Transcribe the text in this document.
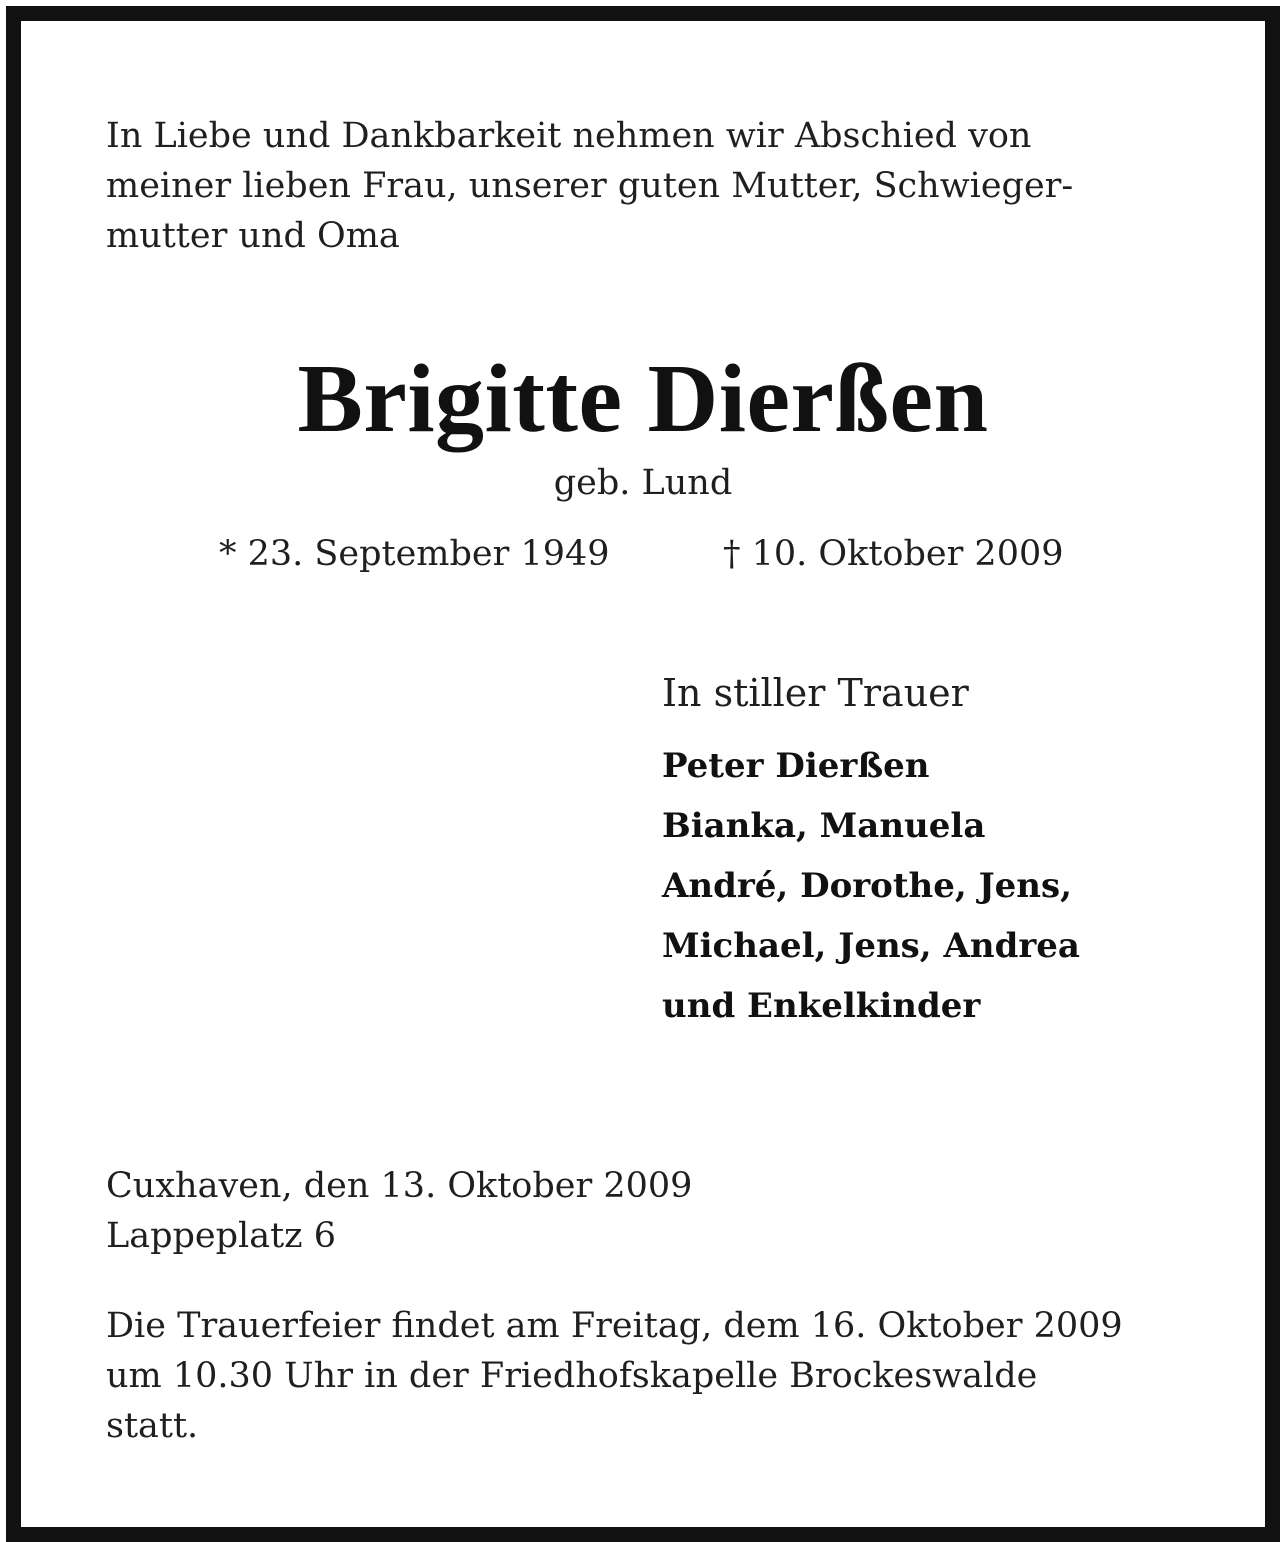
In Liebe und Dankbarkeit nehmen wir Abschied von
meiner lieben Frau, unserer guten Mutter, Schwieger-
mutter und Oma

Brigitte Dierßen
geb. Lund
* 23. September 1949	† 10. Oktober 2009
In stiller Trauer
Peter Dierßen
Bianka, Manuela
André, Dorothe, Jens,
Michael, Jens, Andrea
und Enkelkinder

Cuxhaven, den 13. Oktober 2009
Lappeplatz 6

Die Trauerfeier findet am Freitag, dem 16. Oktober 2009
um 10.30 Uhr in der Friedhofskapelle Brockeswalde
statt.
